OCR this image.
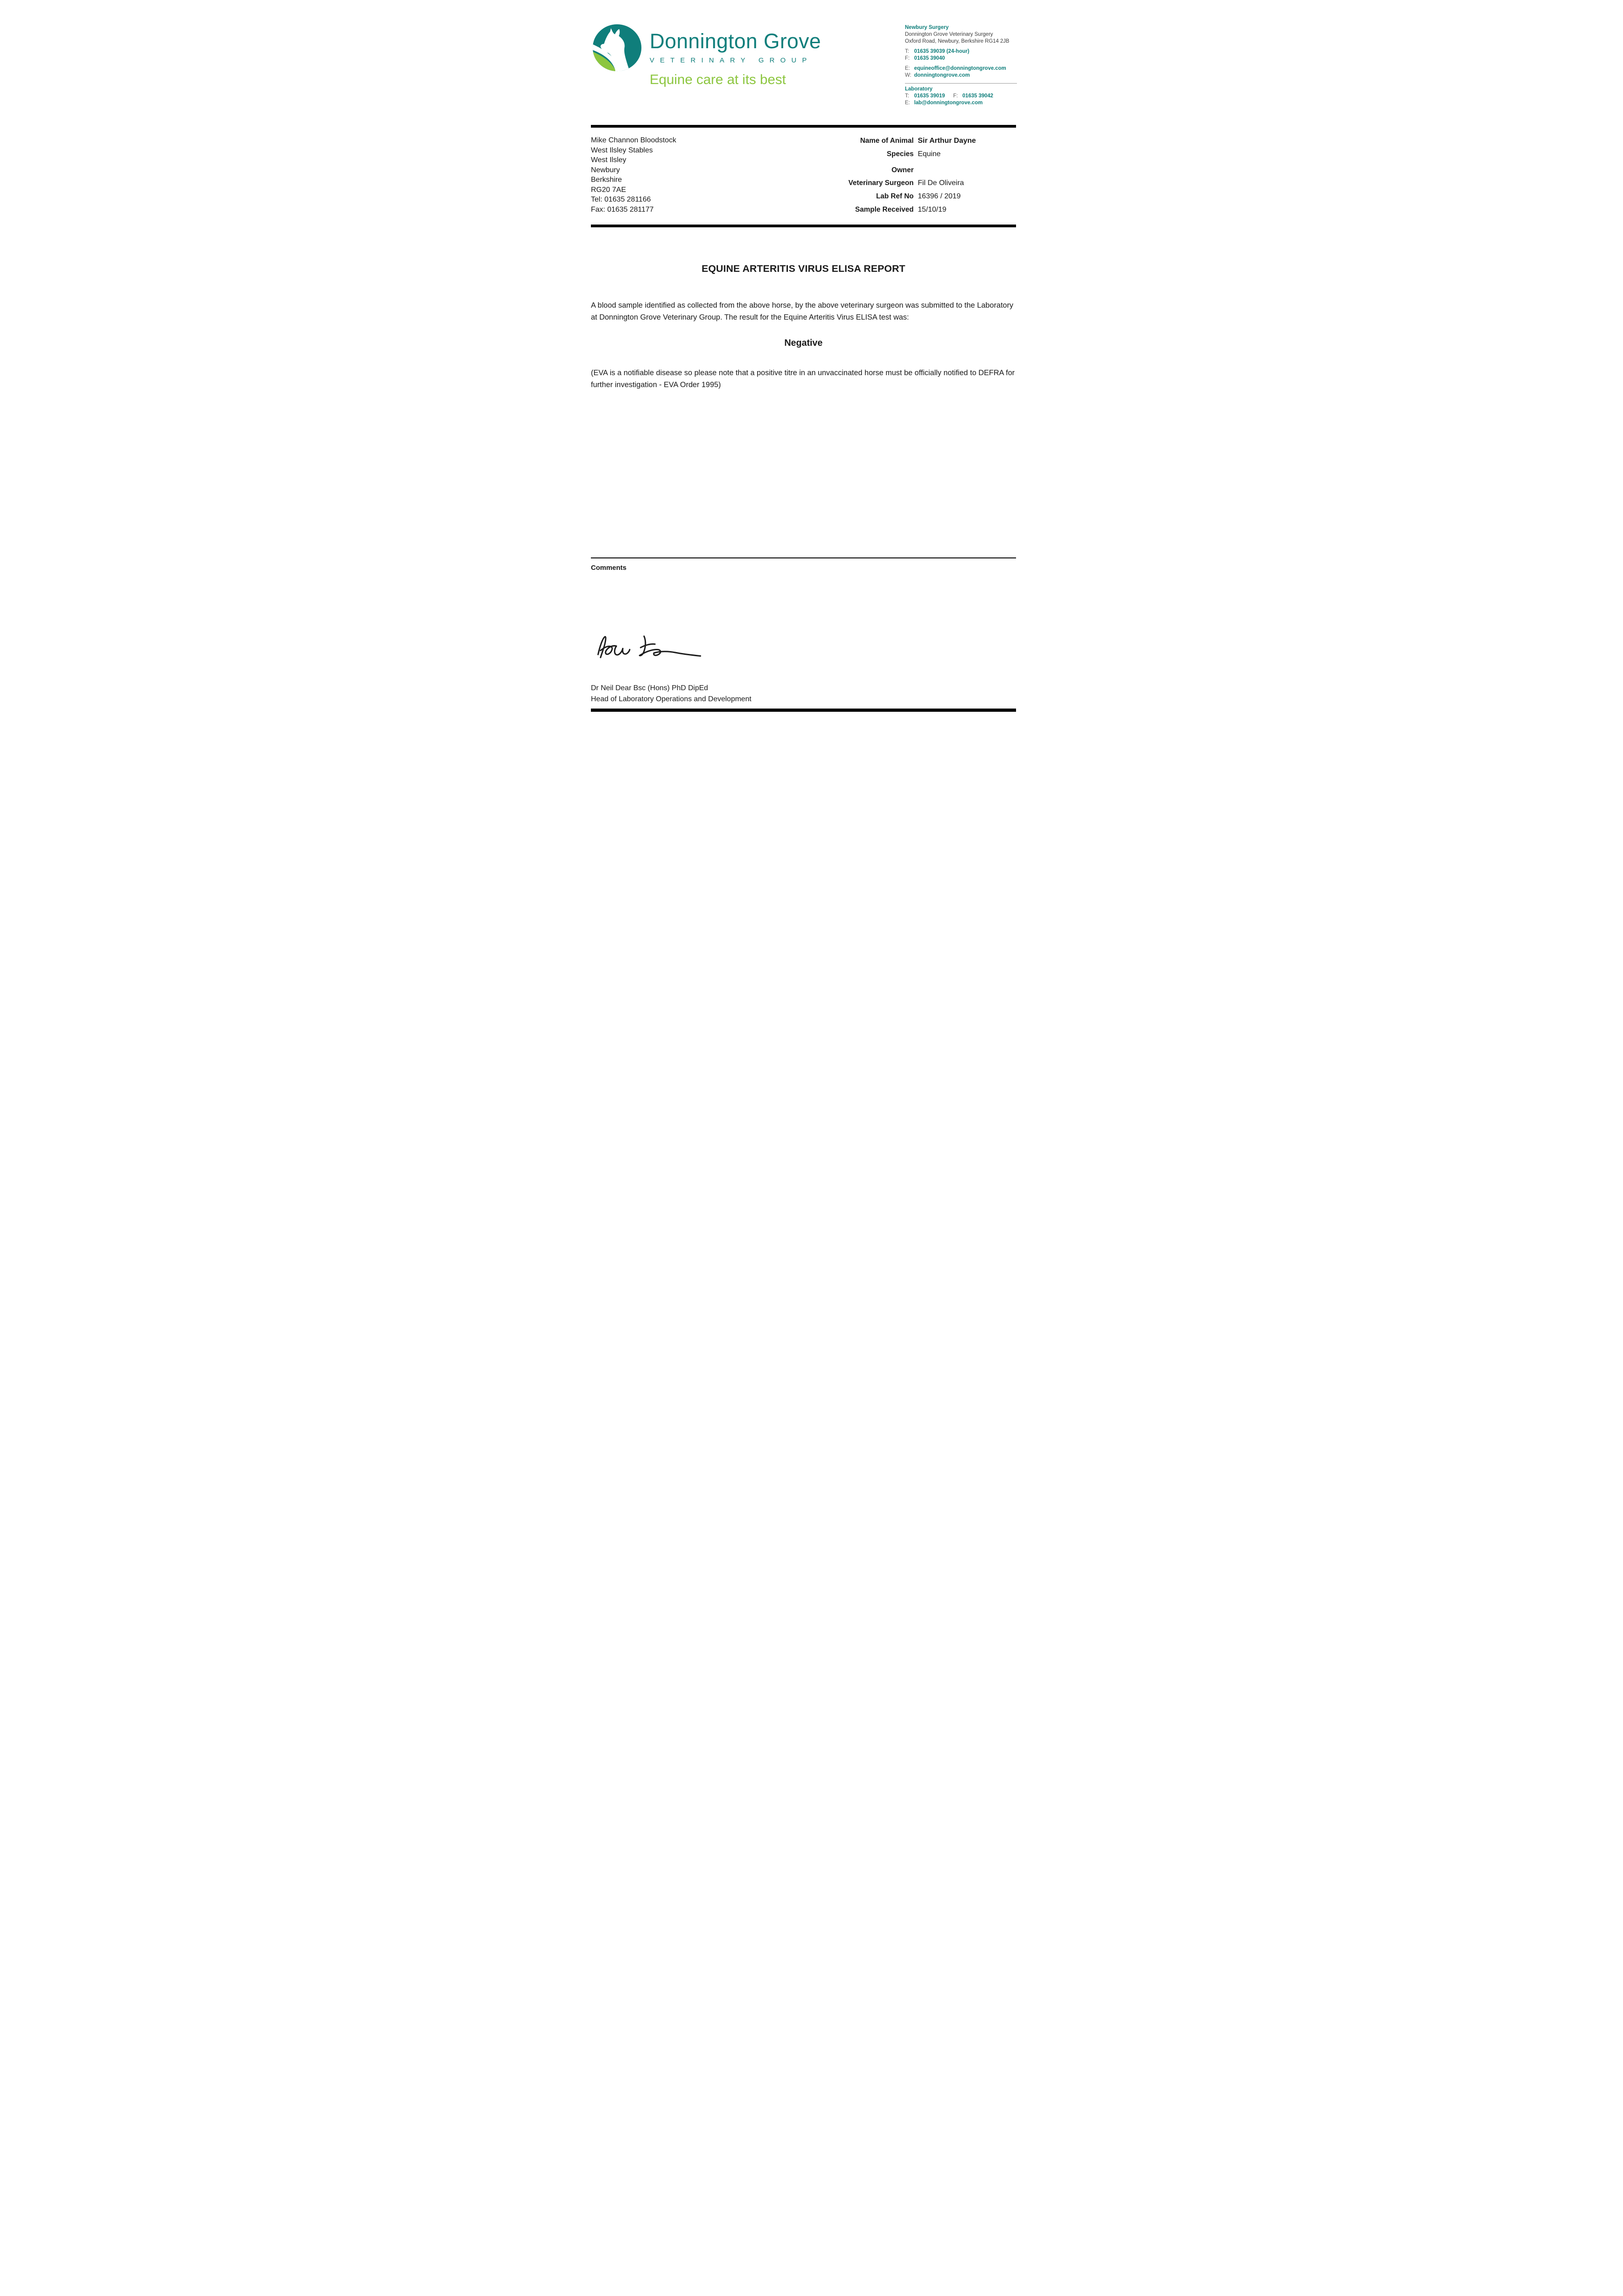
Donnington Grove
VETERINARY GROUP
Equine care at its best
Newbury Surgery
Donnington Grove Veterinary Surgery
Oxford Road, Newbury, Berkshire RG14 2JB
T: 01635 39039 (24-hour)
F: 01635 39040
E: equineoffice@donningtongrove.com
W: donningtongrove.com
Laboratory
T: 01635 39019 F: 01635 39042
E: lab@donningtongrove.com
Mike Channon Bloodstock
West Ilsley Stables
West Ilsley
Newbury
Berkshire
RG20 7AE
Tel: 01635 281166
Fax: 01635 281177
Name of Animal Sir Arthur Dayne
Species Equine
Owner
Veterinary Surgeon Fil De Oliveira
Lab Ref No 16396 / 2019
Sample Received 15/10/19
EQUINE ARTERITIS VIRUS ELISA REPORT
A blood sample identified as collected from the above horse, by the above veterinary surgeon was submitted to the Laboratory at Donnington Grove Veterinary Group. The result for the Equine Arteritis Virus ELISA test was:
Negative
(EVA is a notifiable disease so please note that a positive titre in an unvaccinated horse must be officially notified to DEFRA for further investigation - EVA Order 1995)
Comments
Dr Neil Dear Bsc (Hons) PhD DipEd
Head of Laboratory Operations and Development
